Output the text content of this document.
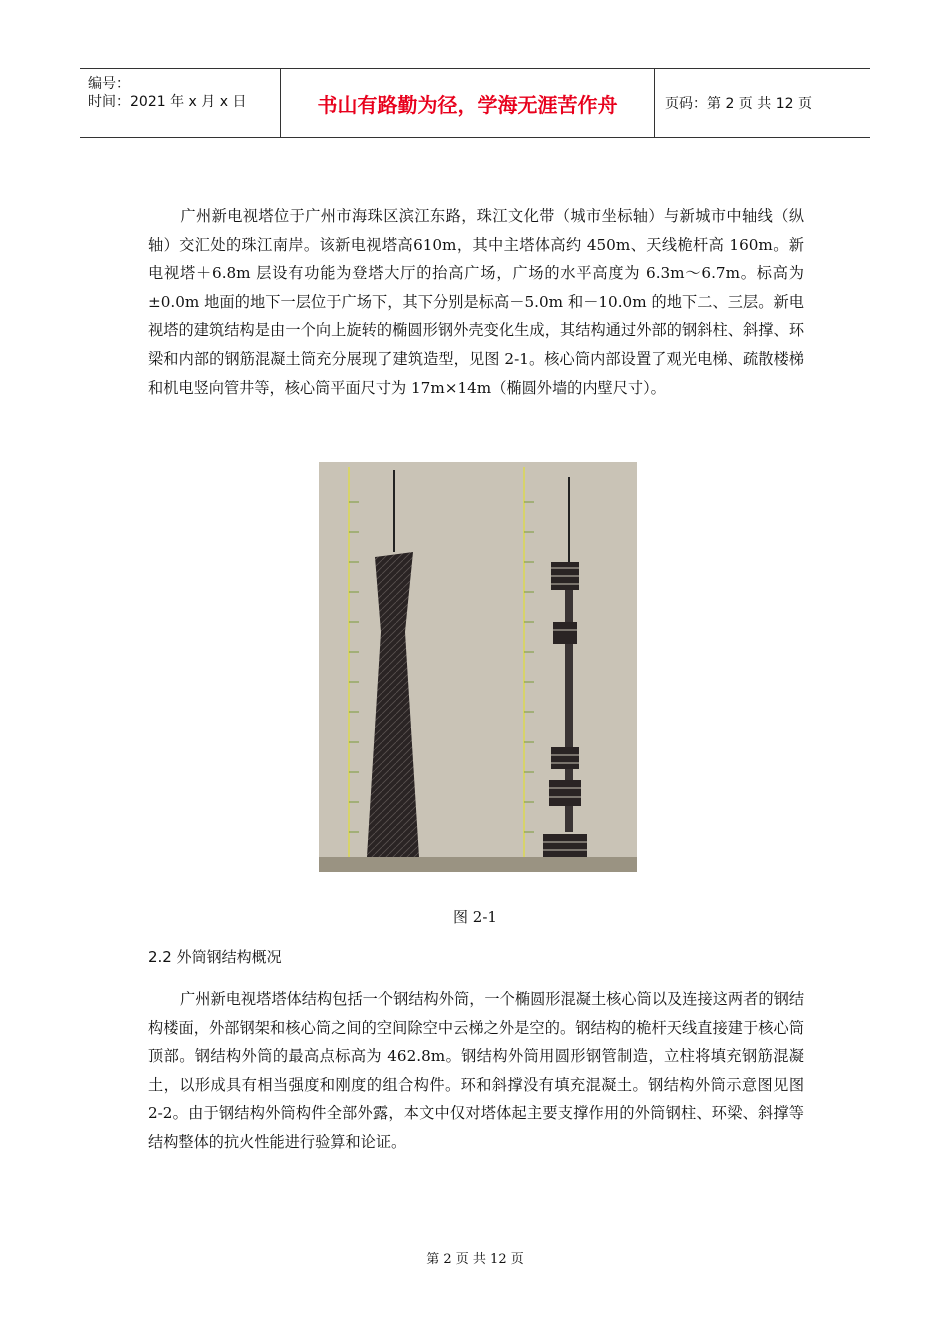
编号：
时间：2021 年 x 月 x 日	书山有路勤为径，学海无涯苦作舟	页码：第 2 页 共 12 页
广州新电视塔位于广州市海珠区滨江东路，珠江文化带（城市坐标轴）与新城市中轴线（纵轴）交汇处的珠江南岸。该新电视塔高610m，其中主塔体高约 450m、天线桅杆高 160m。新电视塔＋6.8m 层设有功能为登塔大厅的抬高广场，广场的水平高度为 6.3m～6.7m。标高为±0.0m 地面的地下一层位于广场下，其下分别是标高－5.0m 和－10.0m 的地下二、三层。新电视塔的建筑结构是由一个向上旋转的椭圆形钢外壳变化生成，其结构通过外部的钢斜柱、斜撑、环梁和内部的钢筋混凝土筒充分展现了建筑造型，见图 2-1。核心筒内部设置了观光电梯、疏散楼梯和机电竖向管井等，核心筒平面尺寸为 17m×14m（椭圆外墙的内壁尺寸）。
图 2-1
2.2 外筒钢结构概况
广州新电视塔塔体结构包括一个钢结构外筒，一个椭圆形混凝土核心筒以及连接这两者的钢结构楼面，外部钢架和核心筒之间的空间除空中云梯之外是空的。钢结构的桅杆天线直接建于核心筒顶部。钢结构外筒的最高点标高为 462.8m。钢结构外筒用圆形钢管制造，立柱将填充钢筋混凝土，以形成具有相当强度和刚度的组合构件。环和斜撑没有填充混凝土。钢结构外筒示意图见图 2-2。由于钢结构外筒构件全部外露，本文中仅对塔体起主要支撑作用的外筒钢柱、环梁、斜撑等结构整体的抗火性能进行验算和论证。
第 2 页 共 12 页
